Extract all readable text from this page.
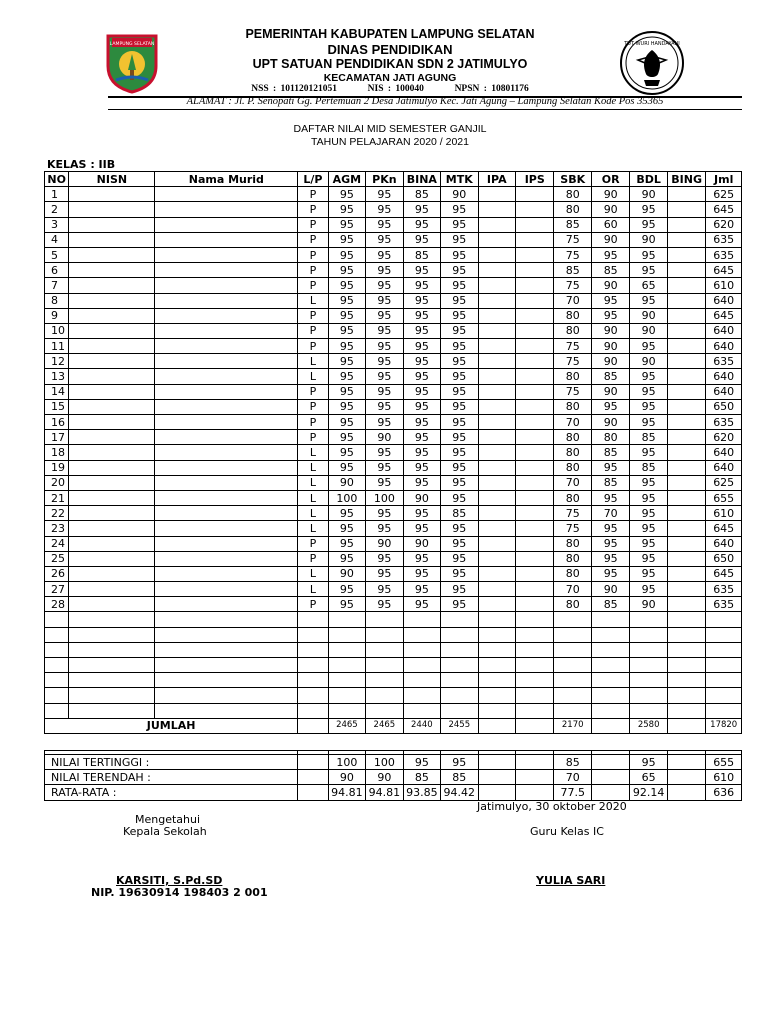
LAMPUNG SELATAN	TUT WURI HANDAYANI
PEMERINTAH KABUPATEN LAMPUNG SELATAN
DINAS PENDIDIKAN
UPT SATUAN PENDIDIKAN SDN 2 JATIMULYO
KECAMATAN JATI AGUNG
NSS : 101120121051	NIS : 100040	NPSN : 10801176
ALAMAT : Jl. P. Senopati Gg. Pertemuan 2 Desa Jatimulyo Kec. Jati Agung – Lampung Selatan Kode Pos 35365
DAFTAR NILAI MID SEMESTER GANJIL
TAHUN PELAJARAN 2020 / 2021
KELAS : IIB
NO	NISN	Nama Murid	L/P	AGM	PKn	BINA	MTK	IPA	IPS	SBK	OR	BDL	BING	Jml
1			P	95	95	85	90			80	90	90		625
2			P	95	95	95	95			80	90	95		645
3			P	95	95	95	95			85	60	95		620
4			P	95	95	95	95			75	90	90		635
5			P	95	95	85	95			75	95	95		635
6			P	95	95	95	95			85	85	95		645
7			P	95	95	95	95			75	90	65		610
8			L	95	95	95	95			70	95	95		640
9			P	95	95	95	95			80	95	90		645
10			P	95	95	95	95			80	90	90		640
11			P	95	95	95	95			75	90	95		640
12			L	95	95	95	95			75	90	90		635
13			L	95	95	95	95			80	85	95		640
14			P	95	95	95	95			75	90	95		640
15			P	95	95	95	95			80	95	95		650
16			P	95	95	95	95			70	90	95		635
17			P	95	90	95	95			80	80	85		620
18			L	95	95	95	95			80	85	95		640
19			L	95	95	95	95			80	95	85		640
20			L	90	95	95	95			70	85	95		625
21			L	100	100	90	95			80	95	95		655
22			L	95	95	95	85			75	70	95		610
23			L	95	95	95	95			75	95	95		645
24			P	95	90	90	95			80	95	95		640
25			P	95	95	95	95			80	95	95		650
26			L	90	95	95	95			80	95	95		645
27			L	95	95	95	95			70	90	95		635
28			P	95	95	95	95			80	85	90		635

JUMLAH				2465	2465	2440	2455			2170		2580		17820

NILAI TERTINGGI :		100	100	95	95			85		95		655
NILAI TERENDAH :		90	90	85	85			70		65		610
RATA-RATA :		94.81	94.81	93.85	94.42			77.5		92.14		636
Jatimulyo, 30 oktober 2020
Mengetahui
Kepala Sekolah	Guru Kelas IC
KARSITI, S.Pd.SD
NIP. 19630914 198403 2 001
YULIA SARI
